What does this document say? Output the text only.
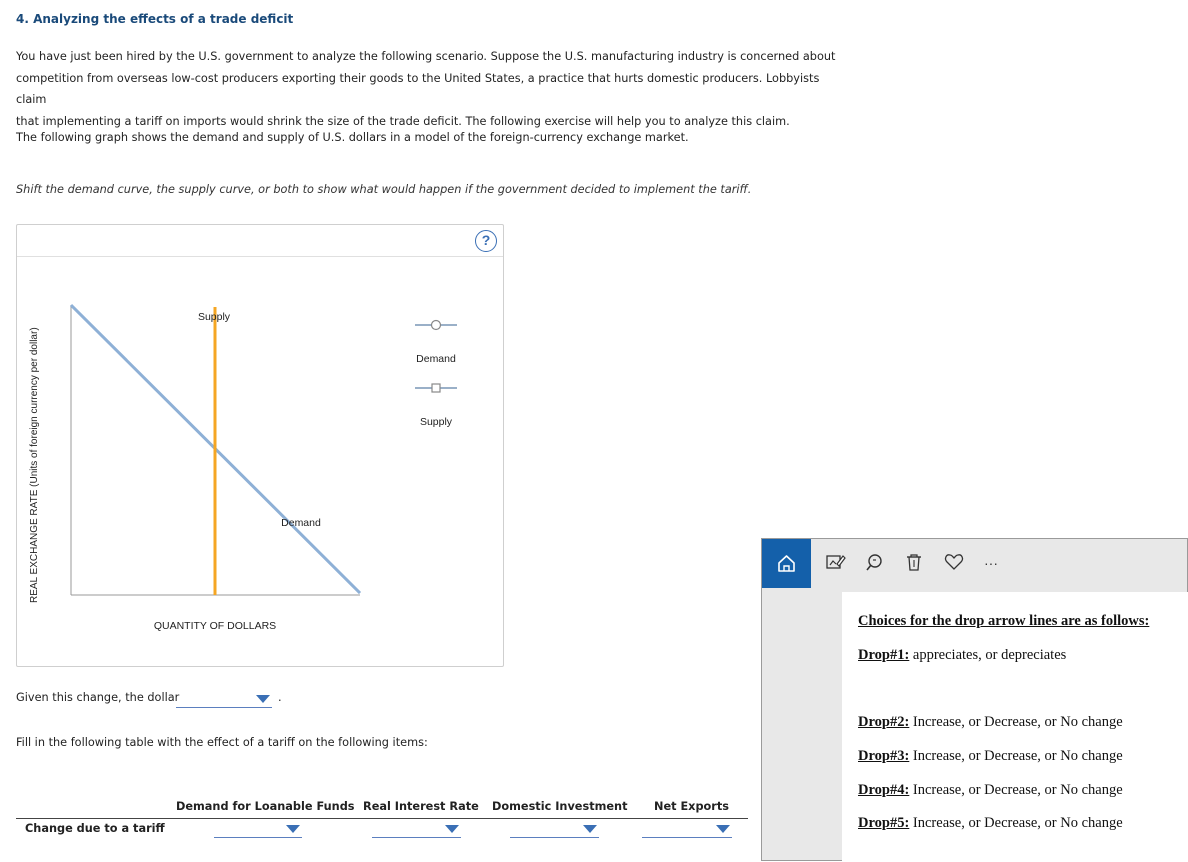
4. Analyzing the effects of a trade deficit
You have just been hired by the U.S. government to analyze the following scenario. Suppose the U.S. manufacturing industry is concerned about
competition from overseas low-cost producers exporting their goods to the United States, a practice that hurts domestic producers. Lobbyists claim
that implementing a tariff on imports would shrink the size of the trade deficit. The following exercise will help you to analyze this claim.
The following graph shows the demand and supply of U.S. dollars in a model of the foreign-currency exchange market.
Shift the demand curve, the supply curve, or both to show what would happen if the government decided to implement the tariff.
?
REAL EXCHANGE RATE (Units of foreign currency per dollar)
Supply
Demand
QUANTITY OF DOLLARS
Demand
Supply
Given this change, the dollar	.
Fill in the following table with the effect of a tariff on the following items:
Demand for Loanable Funds Real Interest Rate Domestic Investment Net Exports
Change due to a tariff
···

Choices for the drop arrow lines are as follows:

Drop#1: appreciates, or depreciates

Drop#2: Increase, or Decrease, or No change

Drop#3: Increase, or Decrease, or No change

Drop#4: Increase, or Decrease, or No change

Drop#5: Increase, or Decrease, or No change
